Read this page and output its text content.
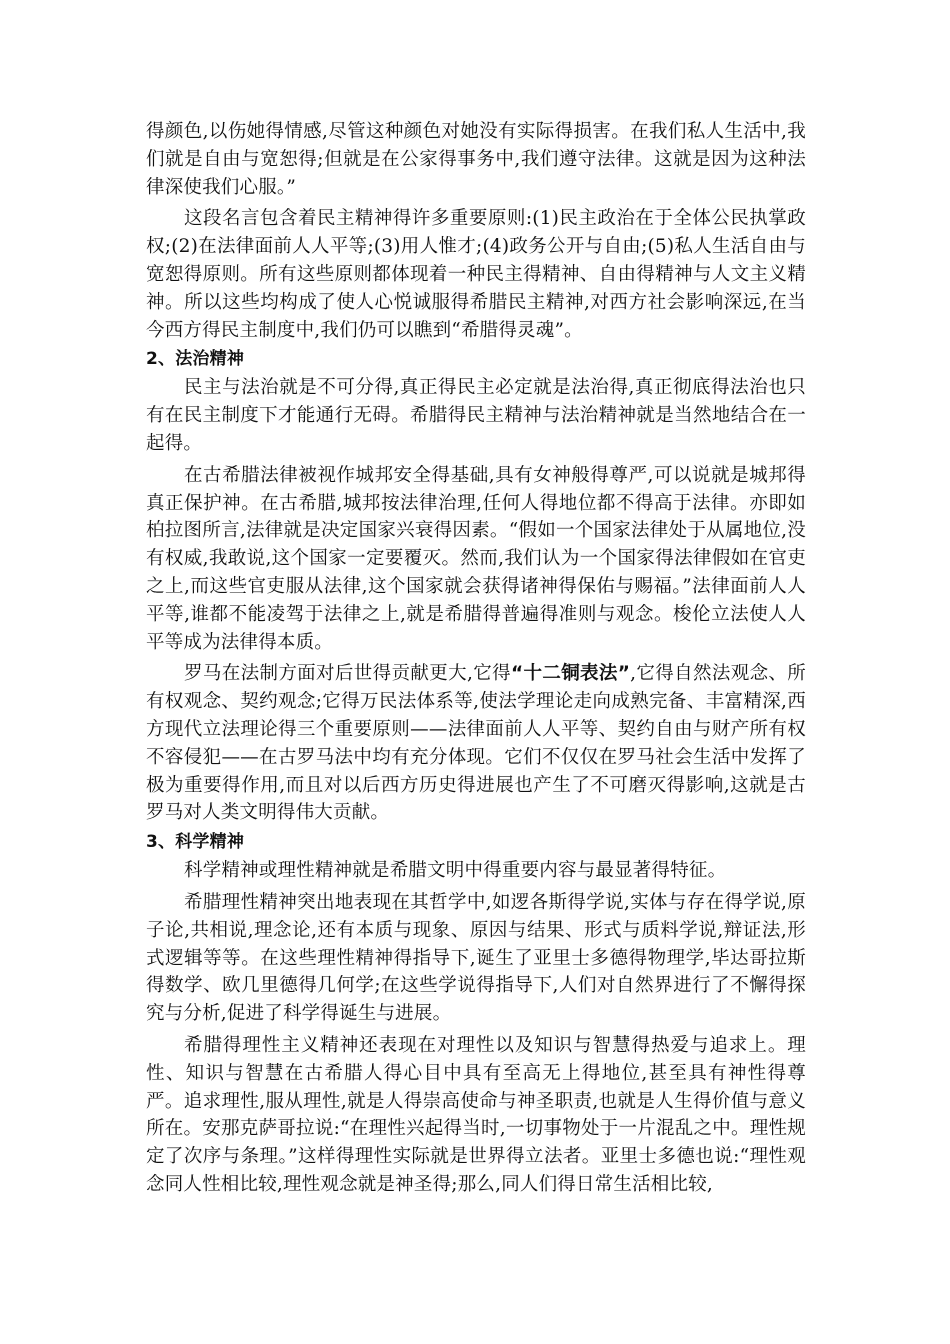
得颜色,以伤她得情感,尽管这种颜色对她没有实际得损害。在我们私人生活中,我们就是自由与宽恕得;但就是在公家得事务中,我们遵守法律。这就是因为这种法律深使我们心服。”

这段名言包含着民主精神得许多重要原则:(1)民主政治在于全体公民执掌政权;(2)在法律面前人人平等;(3)用人惟才;(4)政务公开与自由;(5)私人生活自由与宽恕得原则。所有这些原则都体现着一种民主得精神、自由得精神与人文主义精神。所以这些均构成了使人心悦诚服得希腊民主精神,对西方社会影响深远,在当今西方得民主制度中,我们仍可以瞧到“希腊得灵魂”。

2、法治精神

民主与法治就是不可分得,真正得民主必定就是法治得,真正彻底得法治也只有在民主制度下才能通行无碍。希腊得民主精神与法治精神就是当然地结合在一起得。

在古希腊法律被视作城邦安全得基础,具有女神般得尊严,可以说就是城邦得真正保护神。在古希腊,城邦按法律治理,任何人得地位都不得高于法律。亦即如柏拉图所言,法律就是决定国家兴衰得因素。“假如一个国家法律处于从属地位,没有权威,我敢说,这个国家一定要覆灭。然而,我们认为一个国家得法律假如在官吏之上,而这些官吏服从法律,这个国家就会获得诸神得保佑与赐福。”法律面前人人平等,谁都不能凌驾于法律之上,就是希腊得普遍得准则与观念。梭伦立法使人人平等成为法律得本质。

罗马在法制方面对后世得贡献更大,它得“十二铜表法”,它得自然法观念、所有权观念、契约观念;它得万民法体系等,使法学理论走向成熟完备、丰富精深,西方现代立法理论得三个重要原则——法律面前人人平等、契约自由与财产所有权不容侵犯——在古罗马法中均有充分体现。它们不仅仅在罗马社会生活中发挥了极为重要得作用,而且对以后西方历史得进展也产生了不可磨灭得影响,这就是古罗马对人类文明得伟大贡献。

3、科学精神

科学精神或理性精神就是希腊文明中得重要内容与最显著得特征。

希腊理性精神突出地表现在其哲学中,如逻各斯得学说,实体与存在得学说,原子论,共相说,理念论,还有本质与现象、原因与结果、形式与质料学说,辩证法,形式逻辑等等。在这些理性精神得指导下,诞生了亚里士多德得物理学,毕达哥拉斯得数学、欧几里德得几何学;在这些学说得指导下,人们对自然界进行了不懈得探究与分析,促进了科学得诞生与进展。

希腊得理性主义精神还表现在对理性以及知识与智慧得热爱与追求上。理性、知识与智慧在古希腊人得心目中具有至高无上得地位,甚至具有神性得尊严。追求理性,服从理性,就是人得崇高使命与神圣职责,也就是人生得价值与意义所在。安那克萨哥拉说:“在理性兴起得当时,一切事物处于一片混乱之中。理性规定了次序与条理。”这样得理性实际就是世界得立法者。亚里士多德也说:“理性观念同人性相比较,理性观念就是神圣得;那么,同人们得日常生活相比较,
